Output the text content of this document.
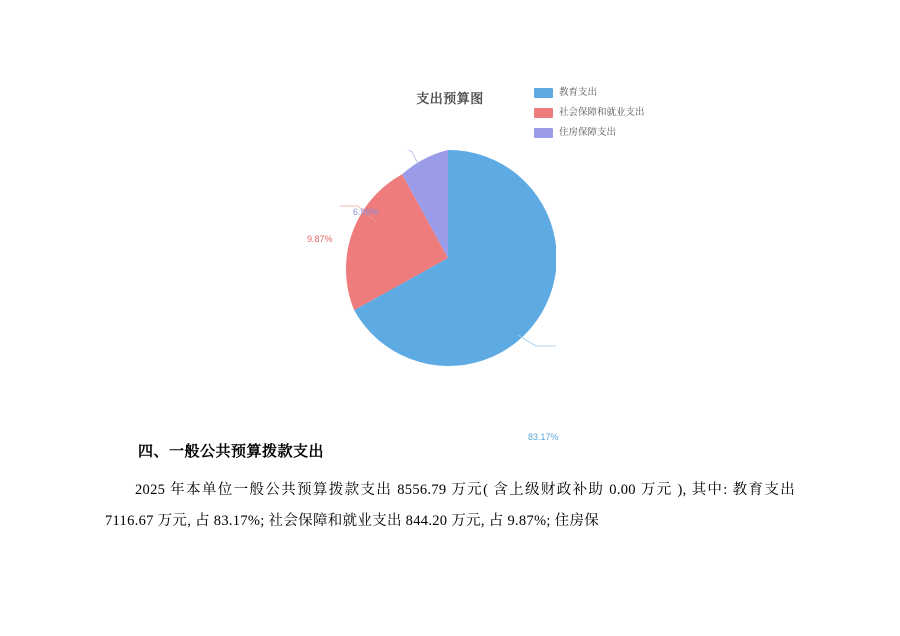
支出预算图	教育支出
社会保障和就业支出
住房保障支出
83.17%
9.87%
6.96%
四、一般公共预算拨款支出

2025 年本单位一般公共预算拨款支出 8556.79 万元( 含上级财政补助 0.00 万元 ), 其中: 教育支出 7116.67 万元, 占 83.17%; 社会保障和就业支出 844.20 万元, 占 9.87%; 住房保
